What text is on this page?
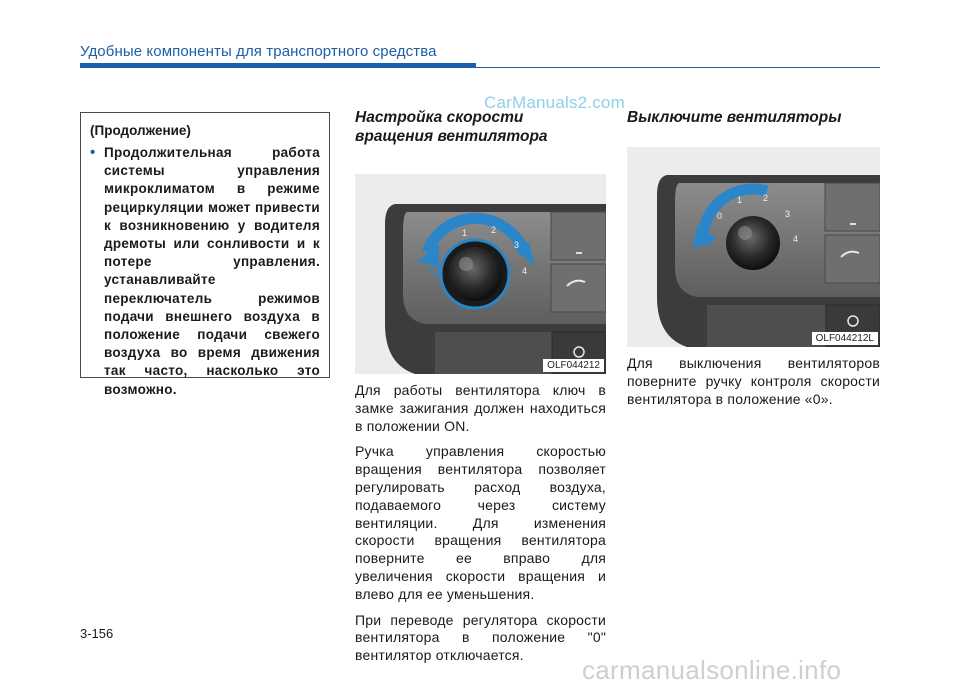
Удобные компоненты для транспортного средства
CarManuals2.com
(Продолжение)
• Продолжительная работа системы управления микроклиматом в режиме рециркуляции может привести к возникновению у водителя дремоты или сонливости и к потере управления. устанавливайте переключатель режимов подачи внешнего воздуха в положение подачи свежего воздуха во время движения так часто, насколько это возможно.
Настройка скорости
вращения вентилятора
1	2
3
4
OLF044212

Для работы вентилятора ключ в замке зажигания должен находиться в положении ON.

Ручка управления скоростью вращения вентилятора позволяет регулировать расход воздуха, подаваемого через систему вентиляции. Для изменения скорости вращения вентилятора поверните ее вправо для увеличения скорости вращения и влево для ее уменьшения.

При переводе регулятора скорости вентилятора в положение "0" вентилятор отключается.

Выключите вентиляторы
0
1 2
3
4
OLF044212L

Для выключения вентиляторов поверните ручку контроля скорости вентилятора в положение «0».

3-156
carmanualsonline.info
